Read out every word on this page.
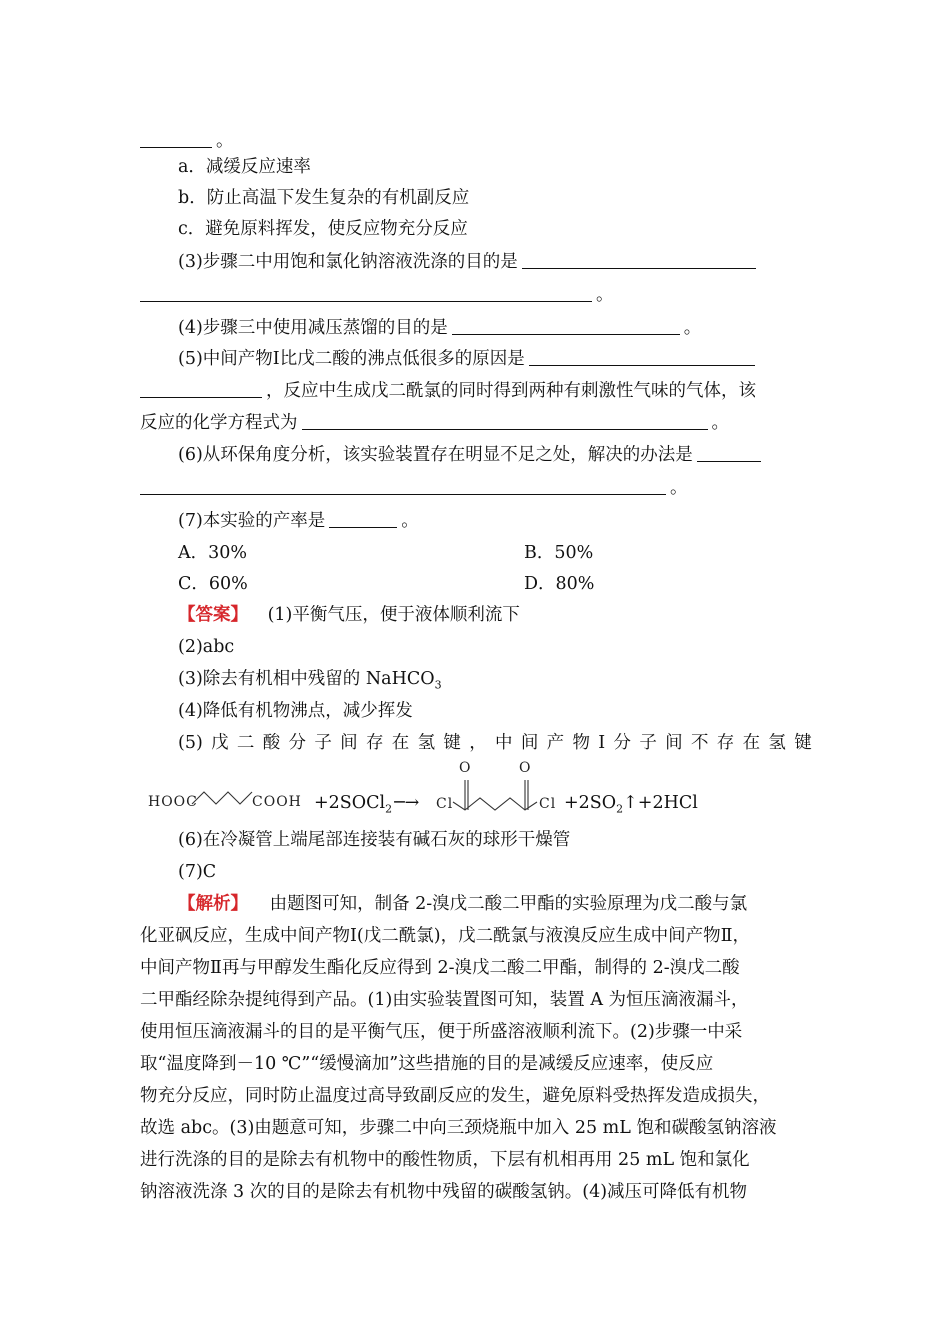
。
a．减缓反应速率
b．防止高温下发生复杂的有机副反应
c．避免原料挥发，使反应物充分反应
(3)步骤二中用饱和氯化钠溶液洗涤的目的是
。
(4)步骤三中使用减压蒸馏的目的是	。
(5)中间产物Ⅰ比戊二酸的沸点低很多的原因是
，反应中生成戊二酰氯的同时得到两种有刺激性气味的气体，该
反应的化学方程式为	。
(6)从环保角度分析，该实验装置存在明显不足之处，解决的办法是
。
(7)本实验的产率是	。
A．30%	B．50%
C．60%	D．80%
【答案】 (1)平衡气压，便于液体顺利流下
(2)abc
(3)除去有机相中残留的 NaHCO$_3$
(4)降低有机物沸点，减少挥发
(5) 戊 二 酸 分 子 间 存 在 氢 键 ， 中 间 产 物 Ⅰ 分 子 间 不 存 在 氢 键
HOOC	COOH +2SOCl$_2$ ─→
O	O
Cl	$Cl +2SO_2↑+2HCl$
(6)在冷凝管上端尾部连接装有碱石灰的球形干燥管
(7)C
【解析】 由题图可知，制备 2-溴戊二酸二甲酯的实验原理为戊二酸与氯
化亚砜反应，生成中间产物Ⅰ(戊二酰氯)，戊二酰氯与液溴反应生成中间产物Ⅱ，
中间产物Ⅱ再与甲醇发生酯化反应得到 2-溴戊二酸二甲酯，制得的 2-溴戊二酸
二甲酯经除杂提纯得到产品。(1)由实验装置图可知，装置 A 为恒压滴液漏斗，
使用恒压滴液漏斗的目的是平衡气压，便于所盛溶液顺利流下。(2)步骤一中采
取“温度降到－10 ℃”“缓慢滴加”这些措施的目的是减缓反应速率，使反应
物充分反应，同时防止温度过高导致副反应的发生，避免原料受热挥发造成损失，
故选 abc。(3)由题意可知，步骤二中向三颈烧瓶中加入 25 mL 饱和碳酸氢钠溶液
进行洗涤的目的是除去有机物中的酸性物质，下层有机相再用 25 mL 饱和氯化
钠溶液洗涤 3 次的目的是除去有机物中残留的碳酸氢钠。(4)减压可降低有机物
